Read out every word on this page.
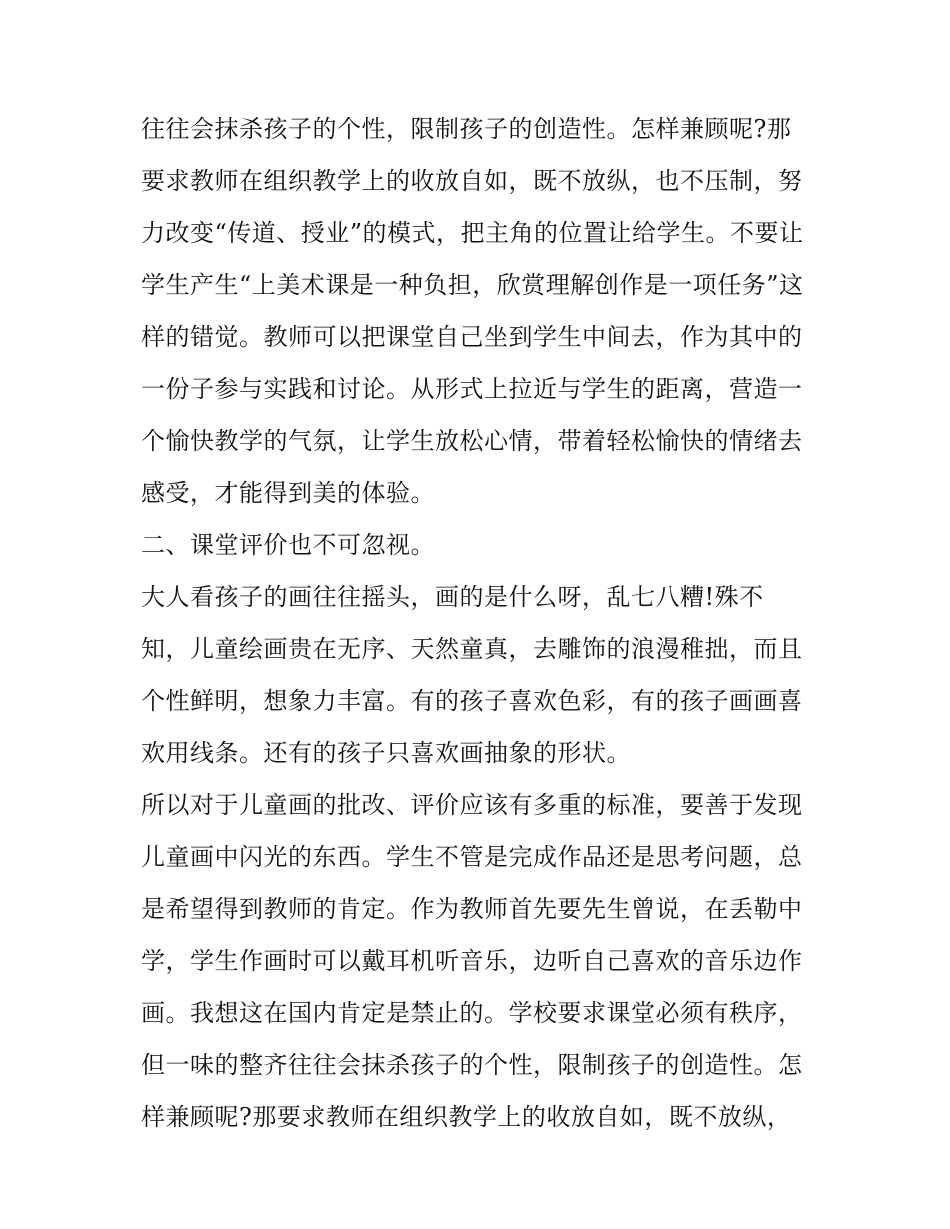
往往会抹杀孩子的个性，限制孩子的创造性。怎样兼顾呢?那
要求教师在组织教学上的收放自如，既不放纵，也不压制，努
力改变“传道、授业”的模式，把主角的位置让给学生。不要让
学生产生“上美术课是一种负担，欣赏理解创作是一项任务”这
样的错觉。教师可以把课堂自己坐到学生中间去，作为其中的
一份子参与实践和讨论。从形式上拉近与学生的距离，营造一
个愉快教学的气氛，让学生放松心情，带着轻松愉快的情绪去
感受，才能得到美的体验。
二、课堂评价也不可忽视。
大人看孩子的画往往摇头，画的是什么呀，乱七八糟!殊不
知，儿童绘画贵在无序、天然童真，去雕饰的浪漫稚拙，而且
个性鲜明，想象力丰富。有的孩子喜欢色彩，有的孩子画画喜
欢用线条。还有的孩子只喜欢画抽象的形状。
所以对于儿童画的批改、评价应该有多重的标准，要善于发现
儿童画中闪光的东西。学生不管是完成作品还是思考问题，总
是希望得到教师的肯定。作为教师首先要先生曾说，在丢勒中
学，学生作画时可以戴耳机听音乐，边听自己喜欢的音乐边作
画。我想这在国内肯定是禁止的。学校要求课堂必须有秩序，
但一味的整齐往往会抹杀孩子的个性，限制孩子的创造性。怎
样兼顾呢?那要求教师在组织教学上的收放自如，既不放纵，
